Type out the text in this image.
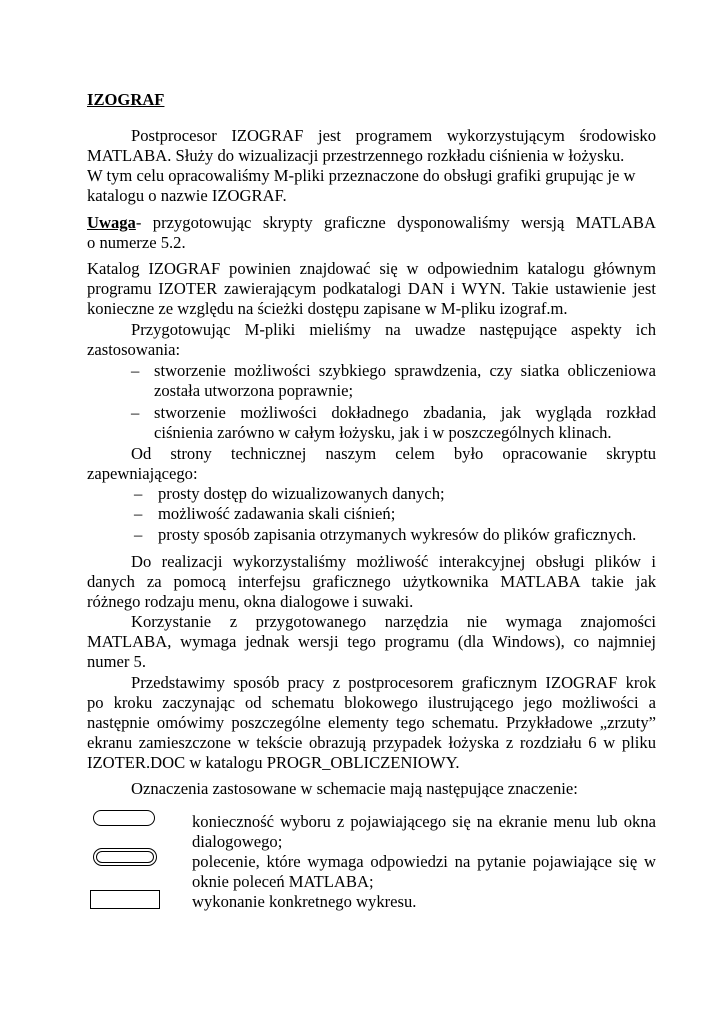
IZOGRAF
Postprocesor IZOGRAF jest programem wykorzystującym środowisko
MATLABA. Służy do wizualizacji przestrzennego rozkładu ciśnienia w łożysku.
W tym celu opracowaliśmy M-pliki przeznaczone do obsługi grafiki grupując je w
katalogu o nazwie IZOGRAF.
Uwaga - przygotowując skrypty graficzne dysponowaliśmy wersją MATLABA
o numerze 5.2.
Katalog IZOGRAF powinien znajdować się w odpowiednim katalogu głównym
programu IZOTER zawierającym podkatalogi DAN i WYN. Takie ustawienie jest
konieczne ze względu na ścieżki dostępu zapisane w M-pliku izograf.m.
Przygotowując M-pliki mieliśmy na uwadze następujące aspekty ich
zastosowania:
– stworzenie możliwości szybkiego sprawdzenia, czy siatka obliczeniowa
została utworzona poprawnie;
– stworzenie możliwości dokładnego zbadania, jak wygląda rozkład
ciśnienia zarówno w całym łożysku, jak i w poszczególnych klinach.
Od strony technicznej naszym celem było opracowanie skryptu
zapewniającego:
– prosty dostęp do wizualizowanych danych;
– możliwość zadawania skali ciśnień;
– prosty sposób zapisania otrzymanych wykresów do plików graficznych.
Do realizacji wykorzystaliśmy możliwość interakcyjnej obsługi plików i
danych za pomocą interfejsu graficznego użytkownika MATLABA takie jak
różnego rodzaju menu, okna dialogowe i suwaki.
Korzystanie z przygotowanego narzędzia nie wymaga znajomości
MATLABA, wymaga jednak wersji tego programu (dla Windows), co najmniej
numer 5.
Przedstawimy sposób pracy z postprocesorem graficznym IZOGRAF krok
po kroku zaczynając od schematu blokowego ilustrującego jego możliwości a
następnie omówimy poszczególne elementy tego schematu. Przykładowe „zrzuty”
ekranu zamieszczone w tekście obrazują przypadek łożyska z rozdziału 6 w pliku
IZOTER.DOC w katalogu PROGR_OBLICZENIOWY.
Oznaczenia zastosowane w schemacie mają następujące znaczenie:
konieczność wyboru z pojawiającego się na ekranie menu lub okna
dialogowego;
polecenie, które wymaga odpowiedzi na pytanie pojawiające się w
oknie poleceń MATLABA;
wykonanie konkretnego wykresu.
